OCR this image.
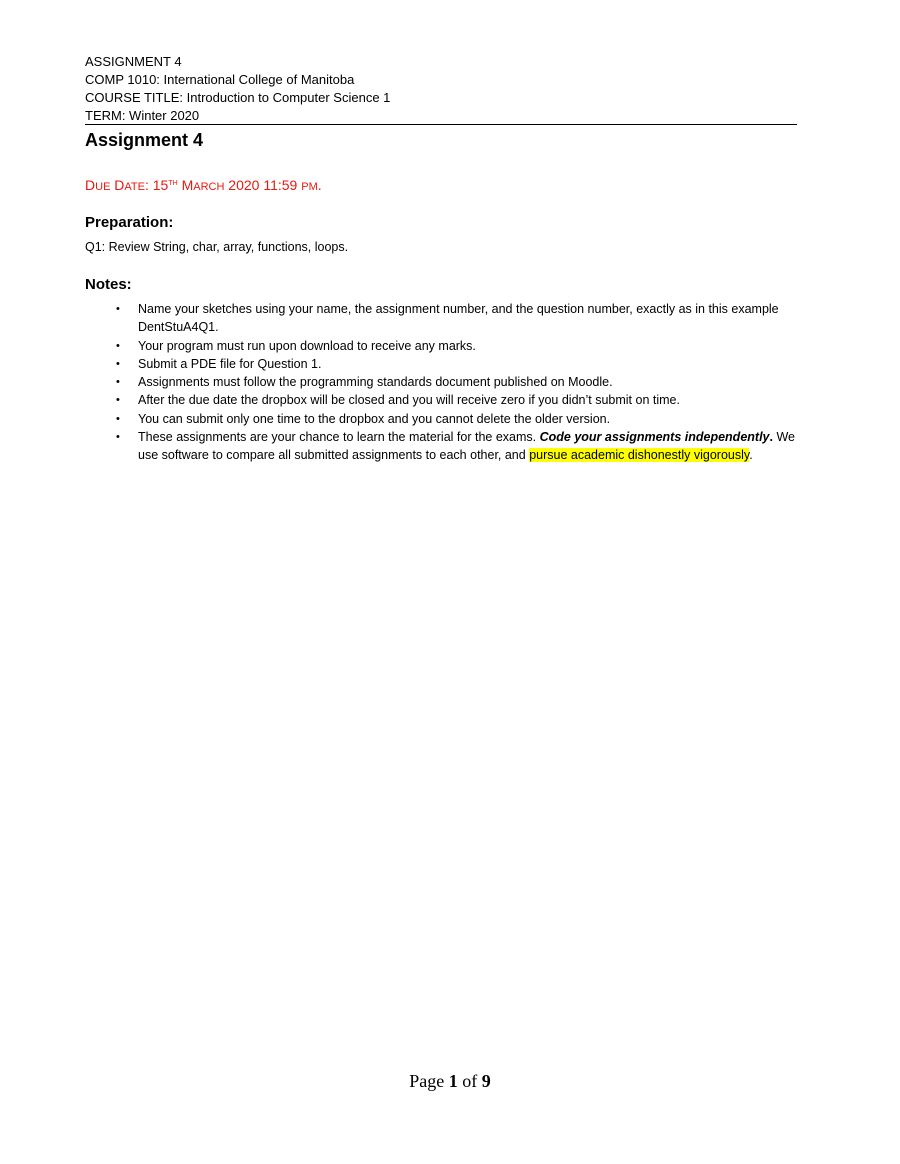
ASSIGNMENT 4
COMP 1010: International College of Manitoba
COURSE TITLE: Introduction to Computer Science 1
TERM: Winter 2020
Assignment 4
DUE DATE: 15TH MARCH 2020 11:59 PM.
Preparation:
Q1: Review String, char, array, functions, loops.
Notes:
• Name your sketches using your name, the assignment number, and the question number, exactly as in this example DentStuA4Q1.
• Your program must run upon download to receive any marks.
• Submit a PDE file for Question 1.
• Assignments must follow the programming standards document published on Moodle.
• After the due date the dropbox will be closed and you will receive zero if you didn’t submit on time.
• You can submit only one time to the dropbox and you cannot delete the older version.
• These assignments are your chance to learn the material for the exams. Code your assignments independently. We use software to compare all submitted assignments to each other, and pursue academic dishonestly vigorously.
Page 1 of 9
